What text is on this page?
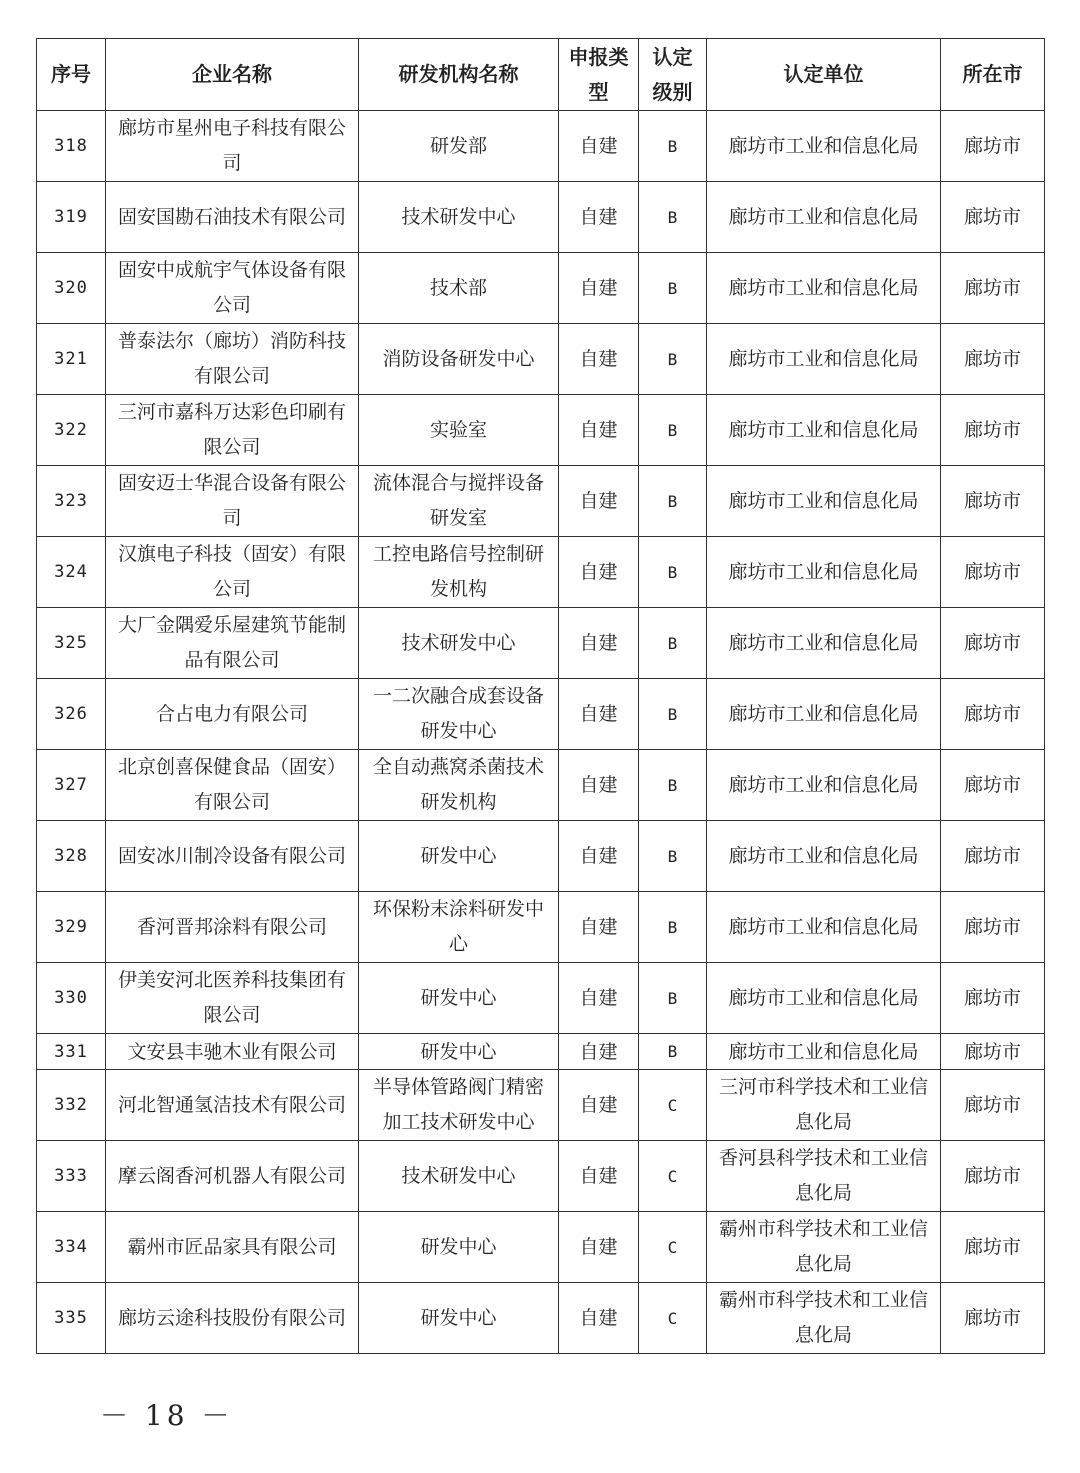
序号	企业名称	研发机构名称	申报类型	认定级别	认定单位	所在市
318	廊坊市星州电子科技有限公司	研发部	自建	B	廊坊市工业和信息化局	廊坊市
319	固安国勘石油技术有限公司	技术研发中心	自建	B	廊坊市工业和信息化局	廊坊市
320	固安中成航宇气体设备有限公司	技术部	自建	B	廊坊市工业和信息化局	廊坊市
321	普泰法尔（廊坊）消防科技有限公司	消防设备研发中心	自建	B	廊坊市工业和信息化局	廊坊市
322	三河市嘉科万达彩色印刷有限公司	实验室	自建	B	廊坊市工业和信息化局	廊坊市
323	固安迈士华混合设备有限公司	流体混合与搅拌设备研发室	自建	B	廊坊市工业和信息化局	廊坊市
324	汉旗电子科技（固安）有限公司	工控电路信号控制研发机构	自建	B	廊坊市工业和信息化局	廊坊市
325	大厂金隅爱乐屋建筑节能制品有限公司	技术研发中心	自建	B	廊坊市工业和信息化局	廊坊市
326	合占电力有限公司	一二次融合成套设备研发中心	自建	B	廊坊市工业和信息化局	廊坊市
327	北京创喜保健食品（固安）有限公司	全自动燕窝杀菌技术研发机构	自建	B	廊坊市工业和信息化局	廊坊市
328	固安冰川制冷设备有限公司	研发中心	自建	B	廊坊市工业和信息化局	廊坊市
329	香河晋邦涂料有限公司	环保粉末涂料研发中心	自建	B	廊坊市工业和信息化局	廊坊市
330	伊美安河北医养科技集团有限公司	研发中心	自建	B	廊坊市工业和信息化局	廊坊市
331	文安县丰驰木业有限公司	研发中心	自建	B	廊坊市工业和信息化局	廊坊市
332	河北智通氢洁技术有限公司	半导体管路阀门精密加工技术研发中心	自建	C	三河市科学技术和工业信息化局	廊坊市
333	摩云阁香河机器人有限公司	技术研发中心	自建	C	香河县科学技术和工业信息化局	廊坊市
334	霸州市匠品家具有限公司	研发中心	自建	C	霸州市科学技术和工业信息化局	廊坊市
335	廊坊云途科技股份有限公司	研发中心	自建	C	霸州市科学技术和工业信息化局	廊坊市
－ 18 －
